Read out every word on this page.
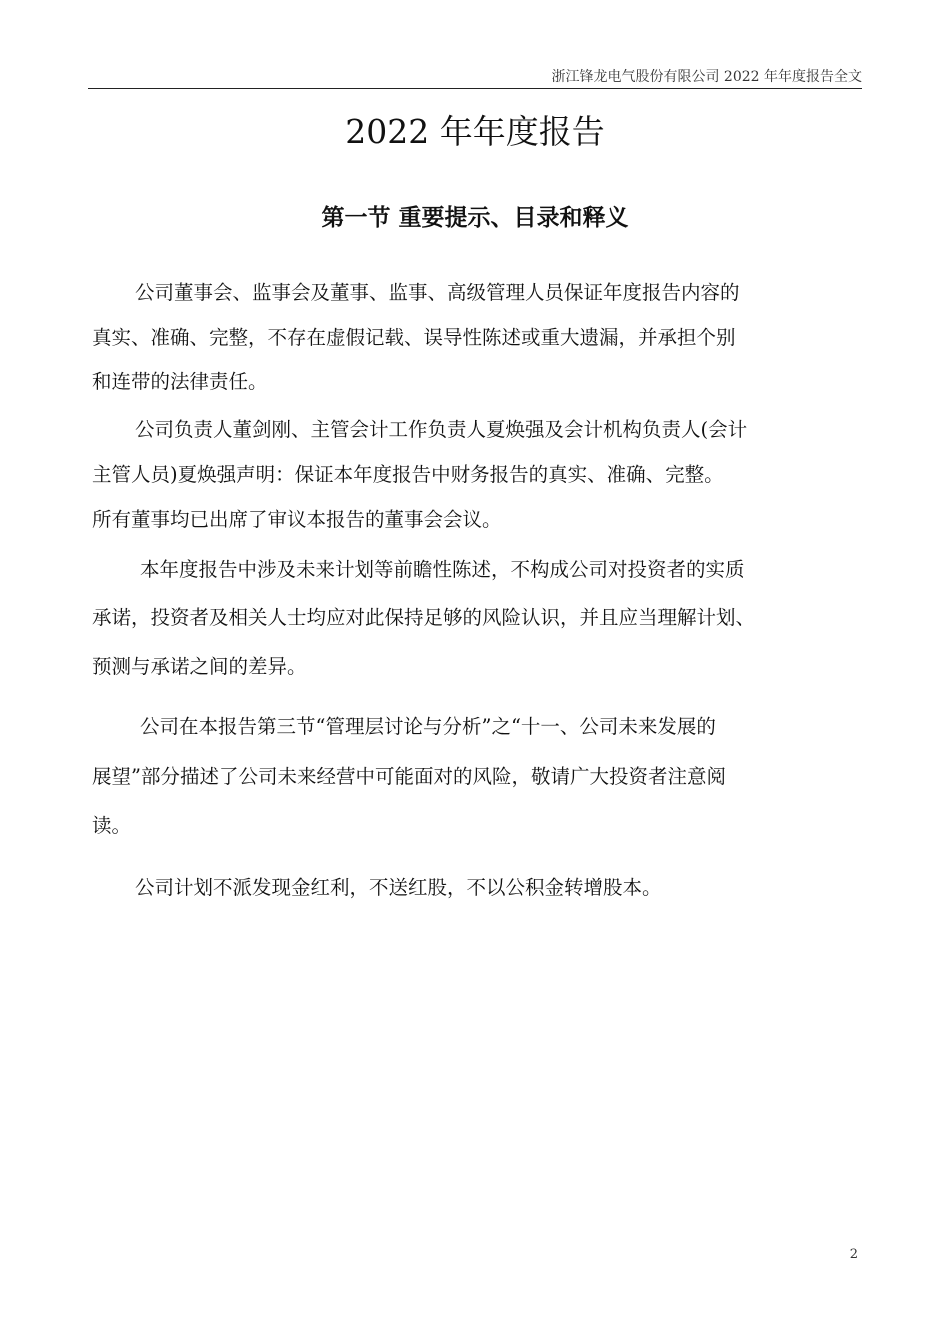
浙江锋龙电气股份有限公司 2022 年年度报告全文
2022 年年度报告
第一节 重要提示、目录和释义

公司董事会、监事会及董事、监事、高级管理人员保证年度报告内容的

真实、准确、完整，不存在虚假记载、误导性陈述或重大遗漏，并承担个别

和连带的法律责任。

公司负责人董剑刚、主管会计工作负责人夏焕强及会计机构负责人(会计

主管人员)夏焕强声明：保证本年度报告中财务报告的真实、准确、完整。

所有董事均已出席了审议本报告的董事会会议。

本年度报告中涉及未来计划等前瞻性陈述，不构成公司对投资者的实质

承诺，投资者及相关人士均应对此保持足够的风险认识，并且应当理解计划、

预测与承诺之间的差异。

公司在本报告第三节“管理层讨论与分析”之“十一、公司未来发展的

展望”部分描述了公司未来经营中可能面对的风险，敬请广大投资者注意阅

读。

公司计划不派发现金红利，不送红股，不以公积金转增股本。

2
